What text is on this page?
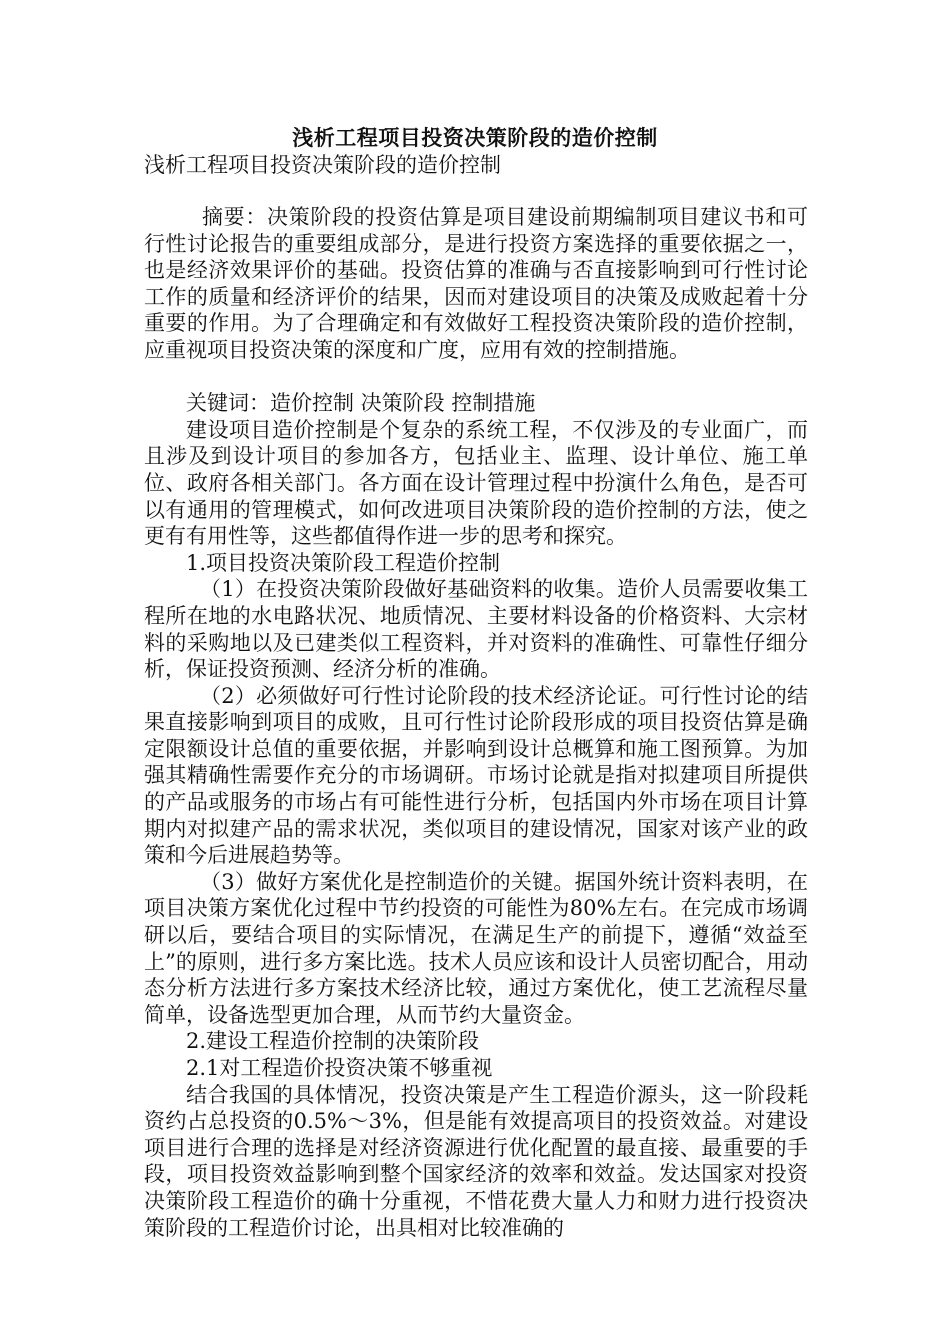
浅析工程项目投资决策阶段的造价控制
浅析工程项目投资决策阶段的造价控制
摘要：决策阶段的投资估算是项目建设前期编制项目建议书和可行性讨论报告的重要组成部分，是进行投资方案选择的重要依据之一，也是经济效果评价的基础。投资估算的准确与否直接影响到可行性讨论工作的质量和经济评价的结果，因而对建设项目的决策及成败起着十分重要的作用。为了合理确定和有效做好工程投资决策阶段的造价控制，应重视项目投资决策的深度和广度，应用有效的控制措施。
关键词：造价控制 决策阶段 控制措施
建设项目造价控制是个复杂的系统工程，不仅涉及的专业面广，而且涉及到设计项目的参加各方，包括业主、监理、设计单位、施工单位、政府各相关部门。各方面在设计管理过程中扮演什么角色，是否可以有通用的管理模式，如何改进项目决策阶段的造价控制的方法，使之更有有用性等，这些都值得作进一步的思考和探究。
1.项目投资决策阶段工程造价控制
（1）在投资决策阶段做好基础资料的收集。造价人员需要收集工程所在地的水电路状况、地质情况、主要材料设备的价格资料、大宗材料的采购地以及已建类似工程资料，并对资料的准确性、可靠性仔细分析，保证投资预测、经济分析的准确。
（2）必须做好可行性讨论阶段的技术经济论证。可行性讨论的结果直接影响到项目的成败，且可行性讨论阶段形成的项目投资估算是确定限额设计总值的重要依据，并影响到设计总概算和施工图预算。为加强其精确性需要作充分的市场调研。市场讨论就是指对拟建项目所提供的产品或服务的市场占有可能性进行分析，包括国内外市场在项目计算期内对拟建产品的需求状况，类似项目的建设情况，国家对该产业的政策和今后进展趋势等。
（3）做好方案优化是控制造价的关键。据国外统计资料表明，在项目决策方案优化过程中节约投资的可能性为80%左右。在完成市场调研以后，要结合项目的实际情况，在满足生产的前提下，遵循“效益至上”的原则，进行多方案比选。技术人员应该和设计人员密切配合，用动态分析方法进行多方案技术经济比较，通过方案优化，使工艺流程尽量简单，设备选型更加合理，从而节约大量资金。
2.建设工程造价控制的决策阶段
2.1对工程造价投资决策不够重视
结合我国的具体情况，投资决策是产生工程造价源头，这一阶段耗资约占总投资的0.5%～3%，但是能有效提高项目的投资效益。对建设项目进行合理的选择是对经济资源进行优化配置的最直接、最重要的手段，项目投资效益影响到整个国家经济的效率和效益。发达国家对投资决策阶段工程造价的确十分重视，不惜花费大量人力和财力进行投资决策阶段的工程造价讨论，出具相对比较准确的
